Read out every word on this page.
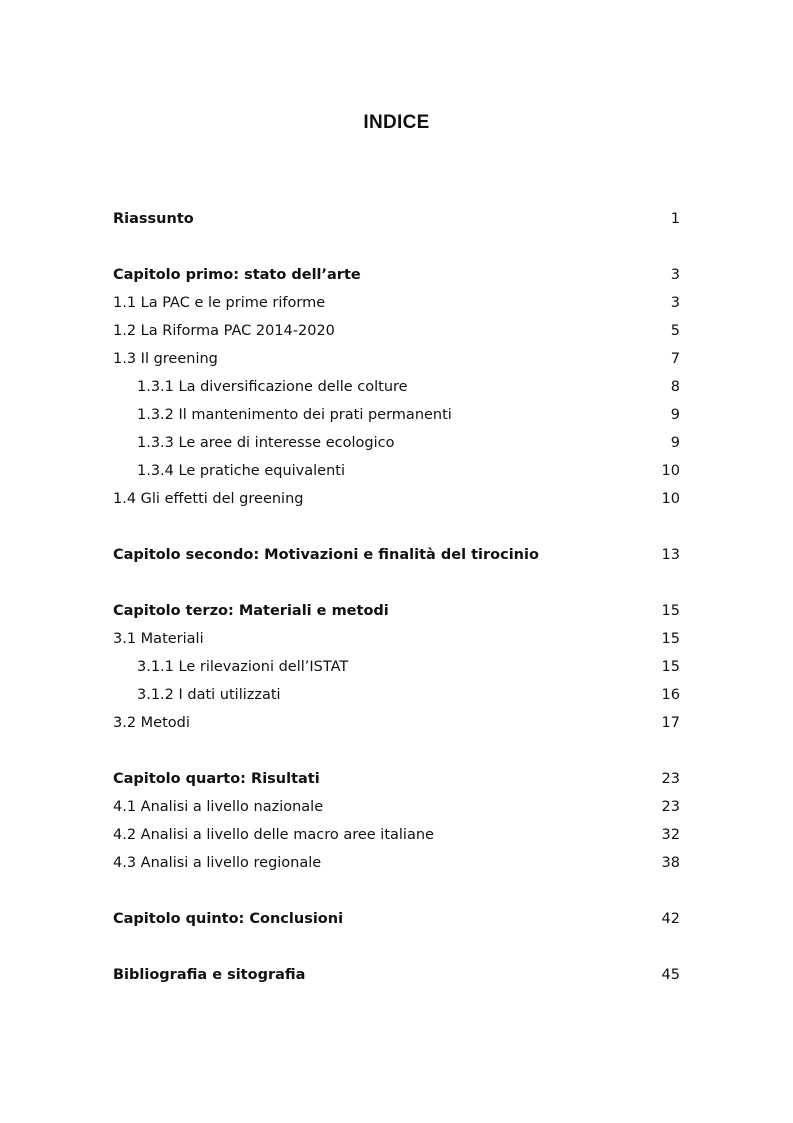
INDICE
Riassunto	1
Capitolo primo: stato dell’arte	3
1.1 La PAC e le prime riforme	3
1.2 La Riforma PAC 2014-2020	5
1.3 Il greening	7
1.3.1 La diversificazione delle colture	8
1.3.2 Il mantenimento dei prati permanenti	9
1.3.3 Le aree di interesse ecologico	9
1.3.4 Le pratiche equivalenti	10
1.4 Gli effetti del greening	10
Capitolo secondo: Motivazioni e finalità del tirocinio	13
Capitolo terzo: Materiali e metodi	15
3.1 Materiali	15
3.1.1 Le rilevazioni dell’ISTAT	15
3.1.2 I dati utilizzati	16
3.2 Metodi	17
Capitolo quarto: Risultati	23
4.1 Analisi a livello nazionale	23
4.2 Analisi a livello delle macro aree italiane	32
4.3 Analisi a livello regionale	38
Capitolo quinto: Conclusioni	42
Bibliografia e sitografia	45
